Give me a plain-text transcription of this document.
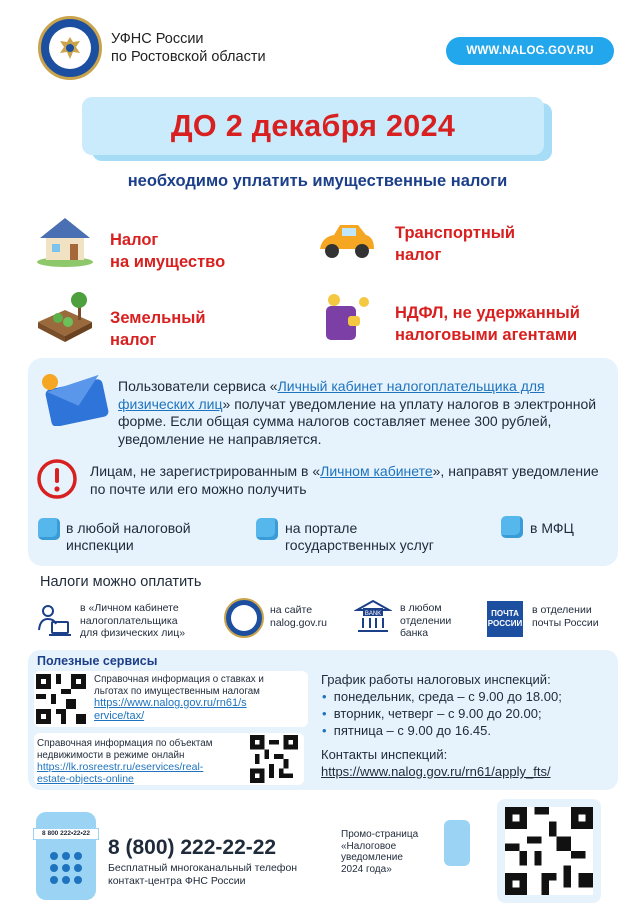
УФНС России
по Ростовской области	WWW.NALOG.GOV.RU
ДО 2 декабря 2024
необходимо уплатить имущественные налоги
Налог
на имущество
Транспортный
налог
Земельный
налог
НДФЛ, не удержанный
налоговыми агентами
Пользователи сервиса «Личный кабинет налогоплательщика для физических лиц» получат уведомление на уплату налогов в электронной форме. Если общая сумма налогов составляет менее 300 рублей, уведомление не направляется.
Лицам, не зарегистрированным в «Личном кабинете», направят уведомление по почте или его можно получить
в любой налоговой
инспекции
на портале
государственных услуг
в МФЦ
Налоги можно оплатить
в «Личном кабинете
налогоплательщика
для физических лиц»
на сайте
nalog.gov.ru
BANK в любом
отделении
банка
ПОЧТА
РОССИИ
в отделении
почты России
Полезные сервисы
Справочная информация о ставках и
льготах по имущественным налогам
https://www.nalog.gov.ru/rn61/s
ervice/tax/
Справочная информация по объектам
недвижимости в режиме онлайн
https://lk.rosreestr.ru/eservices/real-
estate-objects-online
График работы налоговых инспекций:
• понедельник, среда – с 9.00 до 18.00;
• вторник, четверг – с 9.00 до 20.00;
• пятница – с 9.00 до 16.45.
Контакты инспекций:
https://www.nalog.gov.ru/rn61/apply_fts/
8 800 222•22•22
8 (800) 222-22-22
Бесплатный многоканальный телефон
контакт-центра ФНС России
Промо-страница
«Налоговое
уведомление
2024 года»
